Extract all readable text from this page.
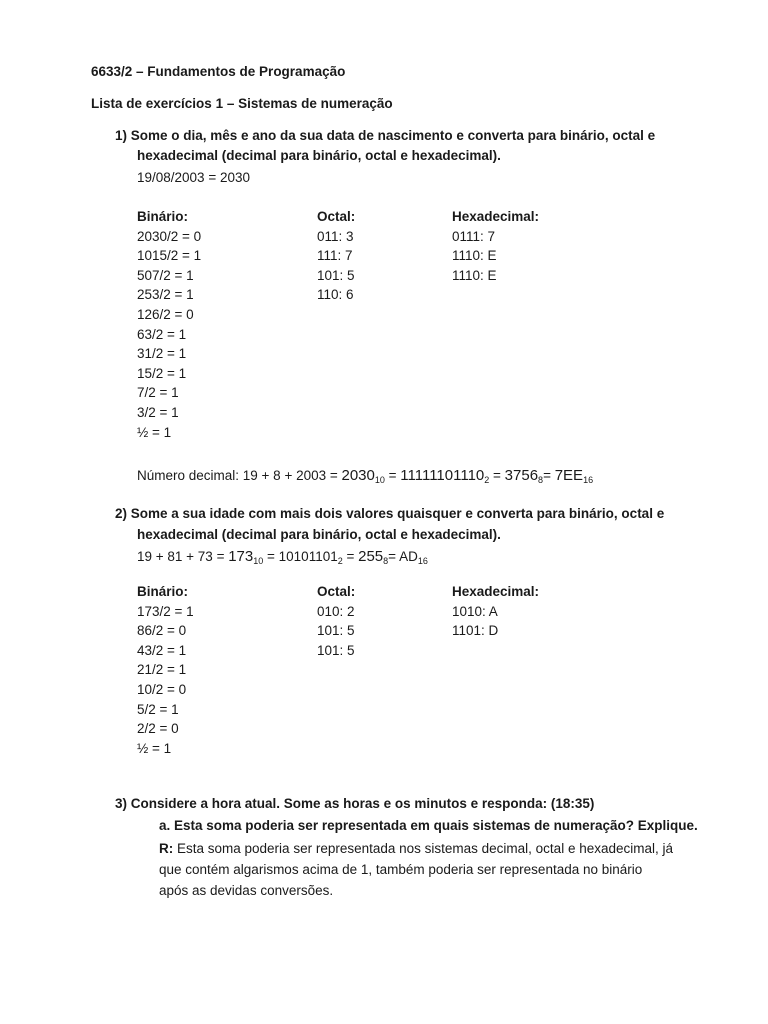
6633/2 – Fundamentos de Programação
Lista de exercícios 1 – Sistemas de numeração
1) Some o dia, mês e ano da sua data de nascimento e converta para binário, octal e
hexadecimal (decimal para binário, octal e hexadecimal).
19/08/2003 = 2030
Binário:
2030/2 = 0
1015/2 = 1
507/2 = 1
253/2 = 1
126/2 = 0
63/2 = 1
31/2 = 1
15/2 = 1
7/2 = 1
3/2 = 1
½ = 1
Octal:
011: 3
111: 7
101: 5
110: 6
Hexadecimal:
0111: 7
1110: E
1110: E
Número decimal: $19 + 8 + 2003 = 2030_{10} = 11111101110_2 = 3756_8= 7EE_{16}$
2) Some a sua idade com mais dois valores quaisquer e converta para binário, octal e
hexadecimal (decimal para binário, octal e hexadecimal).
$19 + 81 + 73 = 173_{10} = 10101101_2 = 255_8= AD_{16}$
Binário:
173/2 = 1
86/2 = 0
43/2 = 1
21/2 = 1
10/2 = 0
5/2 = 1
2/2 = 0
½ = 1
Octal:
010: 2
101: 5
101: 5
Hexadecimal:
1010: A
1101: D
3) Considere a hora atual. Some as horas e os minutos e responda: (18:35)
a. Esta soma poderia ser representada em quais sistemas de numeração? Explique.
R: Esta soma poderia ser representada nos sistemas decimal, octal e hexadecimal, já
que contém algarismos acima de 1, também poderia ser representada no binário
após as devidas conversões.
